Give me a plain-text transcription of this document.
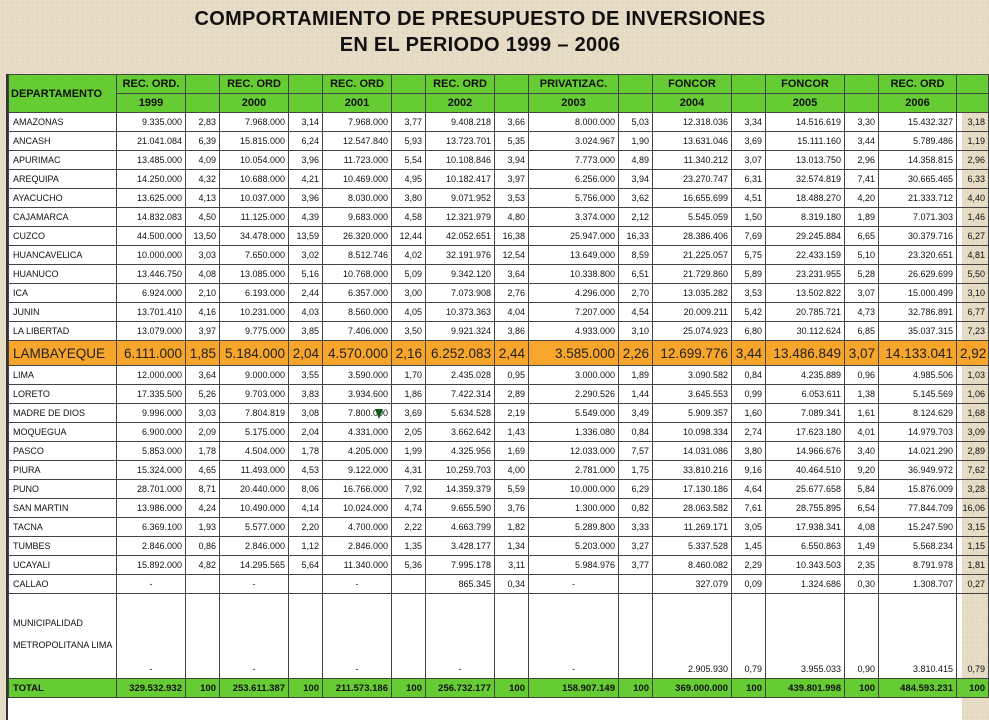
COMPORTAMIENTO DE PRESUPUESTO DE INVERSIONES
EN EL PERIODO 1999 – 2006
DEPARTAMENTO	REC. ORD.		REC. ORD		REC. ORD		REC. ORD		PRIVATIZAC.		FONCOR		FONCOR		REC. ORD	
	1999		2000		2001		2002		2003		2004		2005		2006	
AMAZONAS	9.335.000	2,83	7.968.000	3,14	7.968.000	3,77	9.408.218	3,66	8.000.000	5,03	12.318.036	3,34	14.516.619	3,30	15.432.327	3,18
ANCASH	21.041.084	6,39	15.815.000	6,24	12.547.840	5,93	13.723.701	5,35	3.024.967	1,90	13.631.046	3,69	15.111.160	3,44	5.789.486	1,19
APURIMAC	13.485.000	4,09	10.054.000	3,96	11.723.000	5,54	10.108.846	3,94	7.773.000	4,89	11.340.212	3,07	13.013.750	2,96	14.358.815	2,96
AREQUIPA	14.250.000	4,32	10.688.000	4,21	10.469.000	4,95	10.182.417	3,97	6.256.000	3,94	23.270.747	6,31	32.574.819	7,41	30.665.465	6,33
AYACUCHO	13.625.000	4,13	10.037.000	3,96	8.030.000	3,80	9.071.952	3,53	5.756.000	3,62	16.655.699	4,51	18.488.270	4,20	21.333.712	4,40
CAJAMARCA	14.832.083	4,50	11.125.000	4,39	9.683.000	4,58	12.321.979	4,80	3.374.000	2,12	5.545.059	1,50	8.319.180	1,89	7.071.303	1,46
CUZCO	44.500.000	13,50	34.478.000	13,59	26.320.000	12,44	42.052.651	16,38	25.947.000	16,33	28.386.406	7,69	29.245.884	6,65	30.379.716	6,27
HUANCAVELICA	10.000.000	3,03	7.650.000	3,02	8.512.746	4,02	32.191.976	12,54	13.649.000	8,59	21.225.057	5,75	22.433.159	5,10	23.320.651	4,81
HUANUCO	13.446.750	4,08	13.085.000	5,16	10.768.000	5,09	9.342.120	3,64	10.338.800	6,51	21.729.860	5,89	23.231.955	5,28	26.629.699	5,50
ICA	6.924.000	2,10	6.193.000	2,44	6.357.000	3,00	7.073.908	2,76	4.296.000	2,70	13.035.282	3,53	13.502.822	3,07	15.000.499	3,10
JUNIN	13.701.410	4,16	10.231.000	4,03	8.560.000	4,05	10.373.363	4,04	7.207.000	4,54	20.009.211	5,42	20.785.721	4,73	32.786.891	6,77
LA LIBERTAD	13.079.000	3,97	9.775.000	3,85	7.406.000	3,50	9.921.324	3,86	4.933.000	3,10	25.074.923	6,80	30.112.624	6,85	35.037.315	7,23
LAMBAYEQUE	6.111.000	1,85	5.184.000	2,04	4.570.000	2,16	6.252.083	2,44	3.585.000	2,26	12.699.776	3,44	13.486.849	3,07	14.133.041	2,92
LIMA	12.000.000	3,64	9.000.000	3,55	3.590.000	1,70	2.435.028	0,95	3.000.000	1,89	3.090.582	0,84	4.235.889	0,96	4.985.506	1,03
LORETO	17.335.500	5,26	9.703.000	3,83	3.934.600	1,86	7.422.314	2,89	2.290.526	1,44	3.645.553	0,99	6.053.611	1,38	5.145.569	1,06
MADRE DE DIOS	9.996.000	3,03	7.804.819	3,08	7.800.000	3,69	5.634.528	2,19	5.549.000	3,49	5.909.357	1,60	7.089.341	1,61	8.124.629	1,68
MOQUEGUA	6.900.000	2,09	5.175.000	2,04	4.331.000	2,05	3.662.642	1,43	1.336.080	0,84	10.098.334	2,74	17.623.180	4,01	14.979.703	3,09
PASCO	5.853.000	1,78	4.504.000	1,78	4.205.000	1,99	4.325.956	1,69	12.033.000	7,57	14.031.086	3,80	14.966.676	3,40	14.021.290	2,89
PIURA	15.324.000	4,65	11.493.000	4,53	9.122.000	4,31	10.259.703	4,00	2.781.000	1,75	33.810.216	9,16	40.464.510	9,20	36.949.972	7,62
PUNO	28.701.000	8,71	20.440.000	8,06	16.766.000	7,92	14.359.379	5,59	10.000.000	6,29	17.130.186	4,64	25.677.658	5,84	15.876.009	3,28
SAN MARTIN	13.986.000	4,24	10.490.000	4,14	10.024.000	4,74	9.655.590	3,76	1.300.000	0,82	28.063.582	7,61	28.755.895	6,54	77.844.709	16,06
TACNA	6.369.100	1,93	5.577.000	2,20	4.700.000	2,22	4.663.799	1,82	5.289.800	3,33	11.269.171	3,05	17.938.341	4,08	15.247.590	3,15
TUMBES	2.846.000	0,86	2.846.000	1,12	2.846.000	1,35	3.428.177	1,34	5.203.000	3,27	5.337.528	1,45	6.550.863	1,49	5.568.234	1,15
UCAYALI	15.892.000	4,82	14.295.565	5,64	11.340.000	5,36	7.995.178	3,11	5.984.976	3,77	8.460.082	2,29	10.343.503	2,35	8.791.978	1,81
CALLAO	-		-		-		865.345	0,34	-		327.079	0,09	1.324.686	0,30	1.308.707	0,27
MUNICIPALIDAD
METROPOLITANA LIMA	-		-		-		-		-		2.905.930	0,79	3.955.033	0,90	3.810.415	0,79
TOTAL	329.532.932	100	253.611.387	100	211.573.186	100	256.732.177	100	158.907.149	100	369.000.000	100	439.801.998	100	484.593.231	100
